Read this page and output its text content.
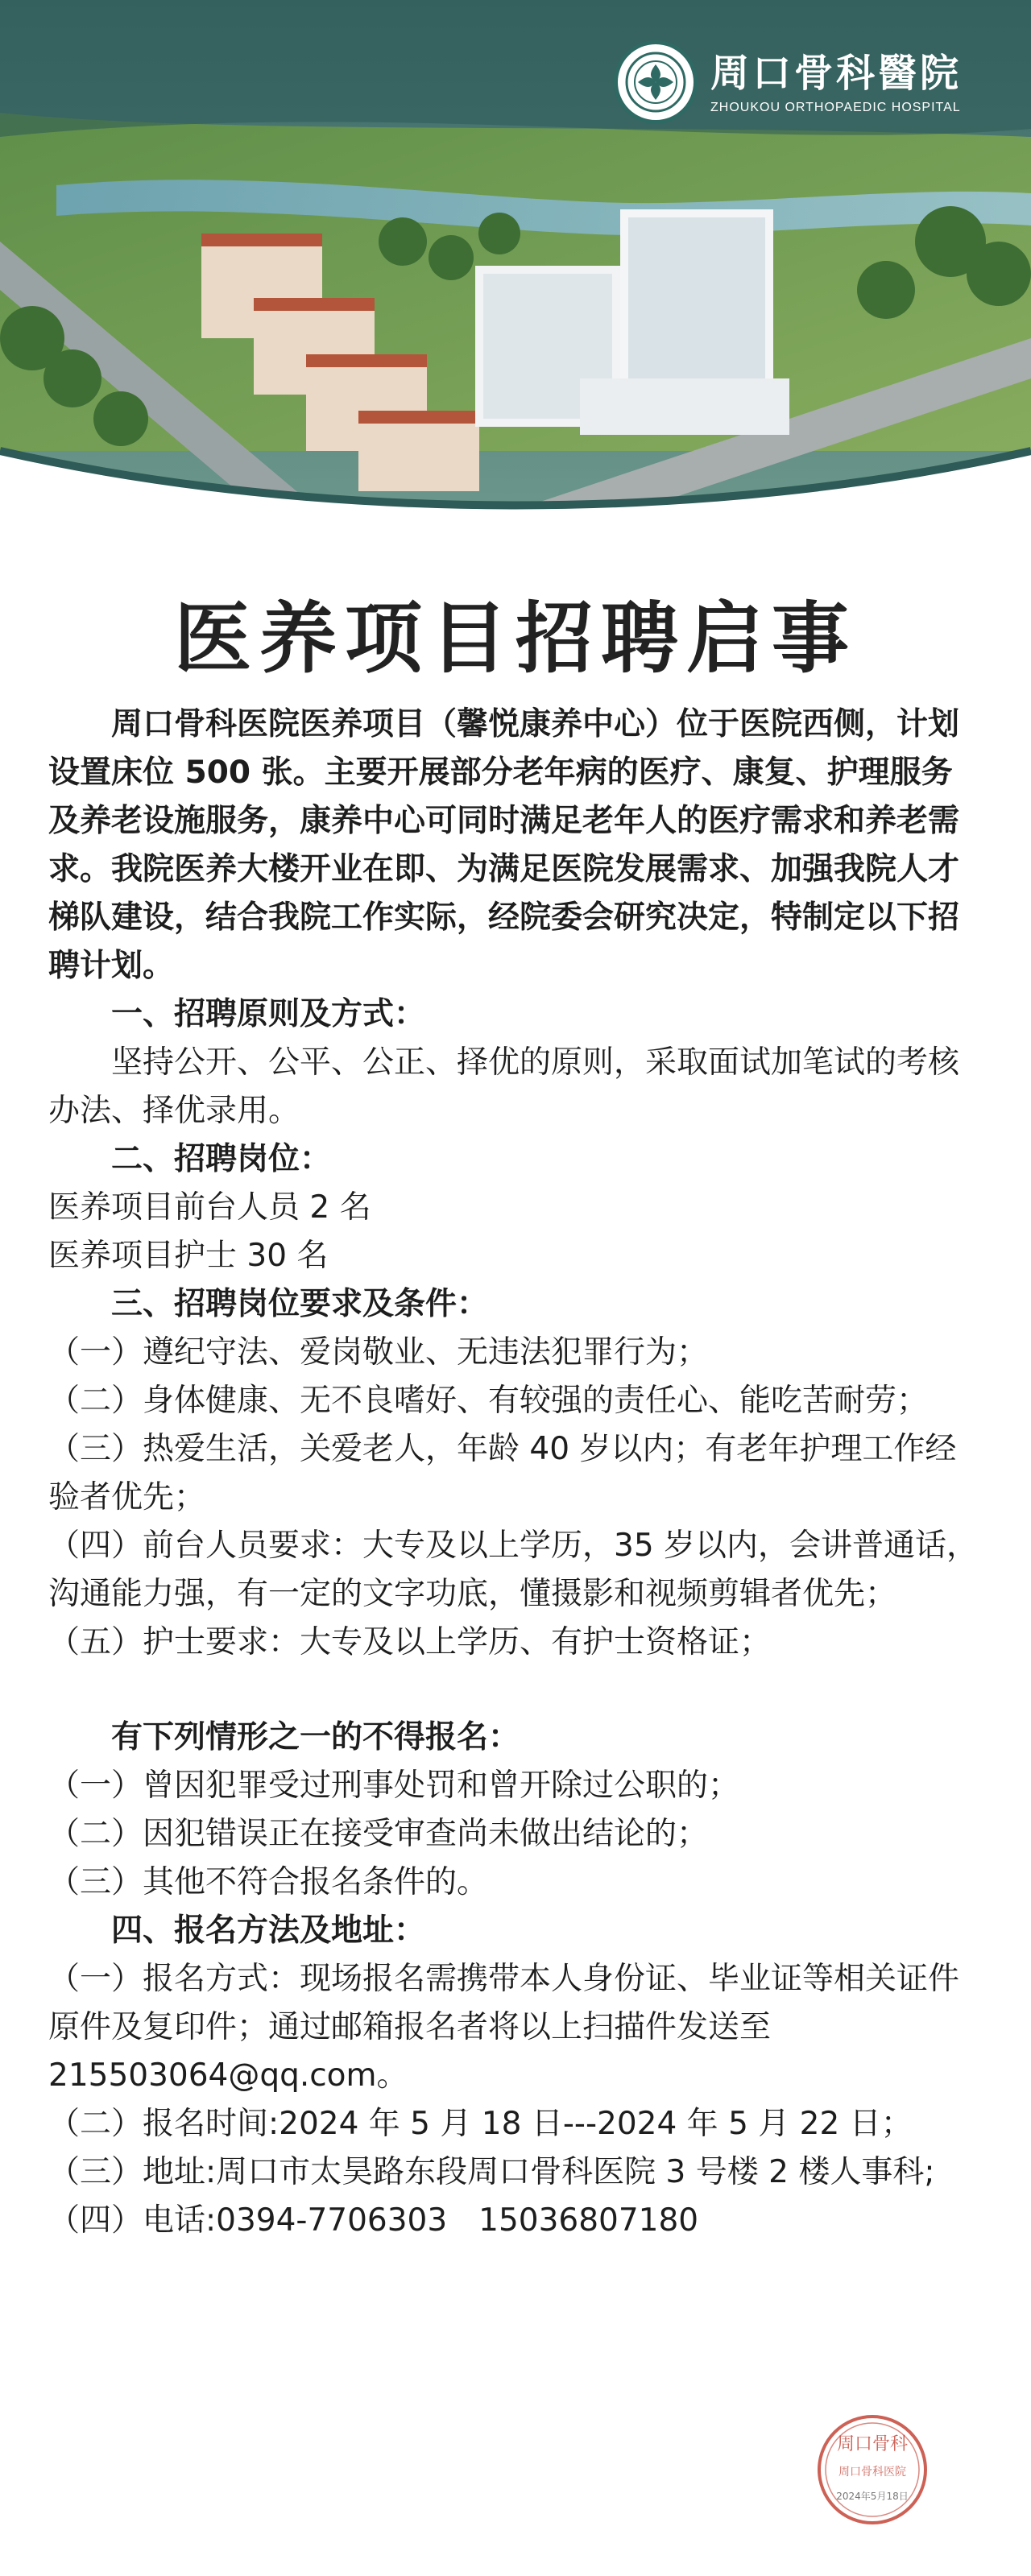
周口骨科醫院
ZHOUKOU ORTHOPAEDIC HOSPITAL
医养项目招聘启事

周口骨科医院医养项目（馨悦康养中心）位于医院西侧，计划设置床位 500 张。主要开展部分老年病的医疗、康复、护理服务及养老设施服务，康养中心可同时满足老年人的医疗需求和养老需求。我院医养大楼开业在即、为满足医院发展需求、加强我院人才梯队建设，结合我院工作实际，经院委会研究决定，特制定以下招聘计划。

一、招聘原则及方式：

坚持公开、公平、公正、择优的原则，采取面试加笔试的考核办法、择优录用。

二、招聘岗位：

医养项目前台人员 2 名

医养项目护士 30 名

三、招聘岗位要求及条件：

（一）遵纪守法、爱岗敬业、无违法犯罪行为；

（二）身体健康、无不良嗜好、有较强的责任心、能吃苦耐劳；

（三）热爱生活，关爱老人，年龄 40 岁以内；有老年护理工作经验者优先；

（四）前台人员要求：大专及以上学历，35 岁以内，会讲普通话，沟通能力强，有一定的文字功底，懂摄影和视频剪辑者优先；

（五）护士要求：大专及以上学历、有护士资格证；

有下列情形之一的不得报名：

（一）曾因犯罪受过刑事处罚和曾开除过公职的；

（二）因犯错误正在接受审查尚未做出结论的；

（三）其他不符合报名条件的。

四、报名方法及地址：

（一）报名方式：现场报名需携带本人身份证、毕业证等相关证件原件及复印件；通过邮箱报名者将以上扫描件发送至215503064@qq.com。

（二）报名时间:2024 年 5 月 18 日---2024 年 5 月 22 日；

（三）地址:周口市太昊路东段周口骨科医院 3 号楼 2 楼人事科;

（四）电话:0394-7706303　15036807180

周口骨科
周口骨科医院
2024年5月18日
